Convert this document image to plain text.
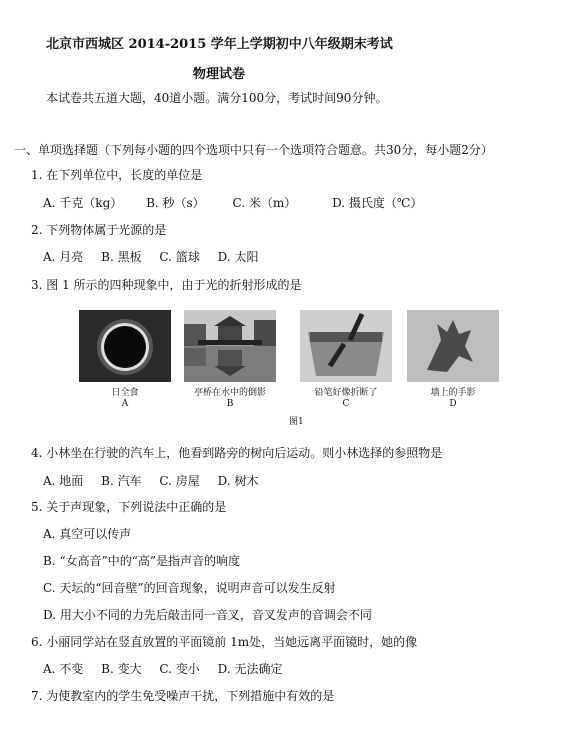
北京市西城区 2014-2015 学年上学期初中八年级期末考试
物理试卷
本试卷共五道大题，40道小题。满分100分，考试时间90分钟。
一、单项选择题（下列每小题的四个选项中只有一个选项符合题意。共30分，每小题2分）
1. 在下列单位中，长度的单位是
A. 千克（kg） B. 秒（s） C. 米（m）	D. 摄氏度（℃）
2. 下列物体属于光源的是
A. 月亮 B. 黑板 C. 篮球 D. 太阳
3. 图 1 所示的四种现象中，由于光的折射形成的是
日全食
A
亭桥在水中的倒影
B
铅笔好像折断了
C
墙上的手影
D
图1
4. 小林坐在行驶的汽车上，他看到路旁的树向后运动。则小林选择的参照物是
A. 地面 B. 汽车 C. 房屋 D. 树木
5. 关于声现象，下列说法中正确的是
A. 真空可以传声
B. “女高音”中的“高”是指声音的响度
C. 天坛的“回音壁”的回音现象，说明声音可以发生反射
D. 用大小不同的力先后敲击同一音叉，音叉发声的音调会不同
6. 小丽同学站在竖直放置的平面镜前 1m处，当她远离平面镜时，她的像
A. 不变 B. 变大 C. 变小 D. 无法确定
7. 为使教室内的学生免受噪声干扰，下列措施中有效的是
